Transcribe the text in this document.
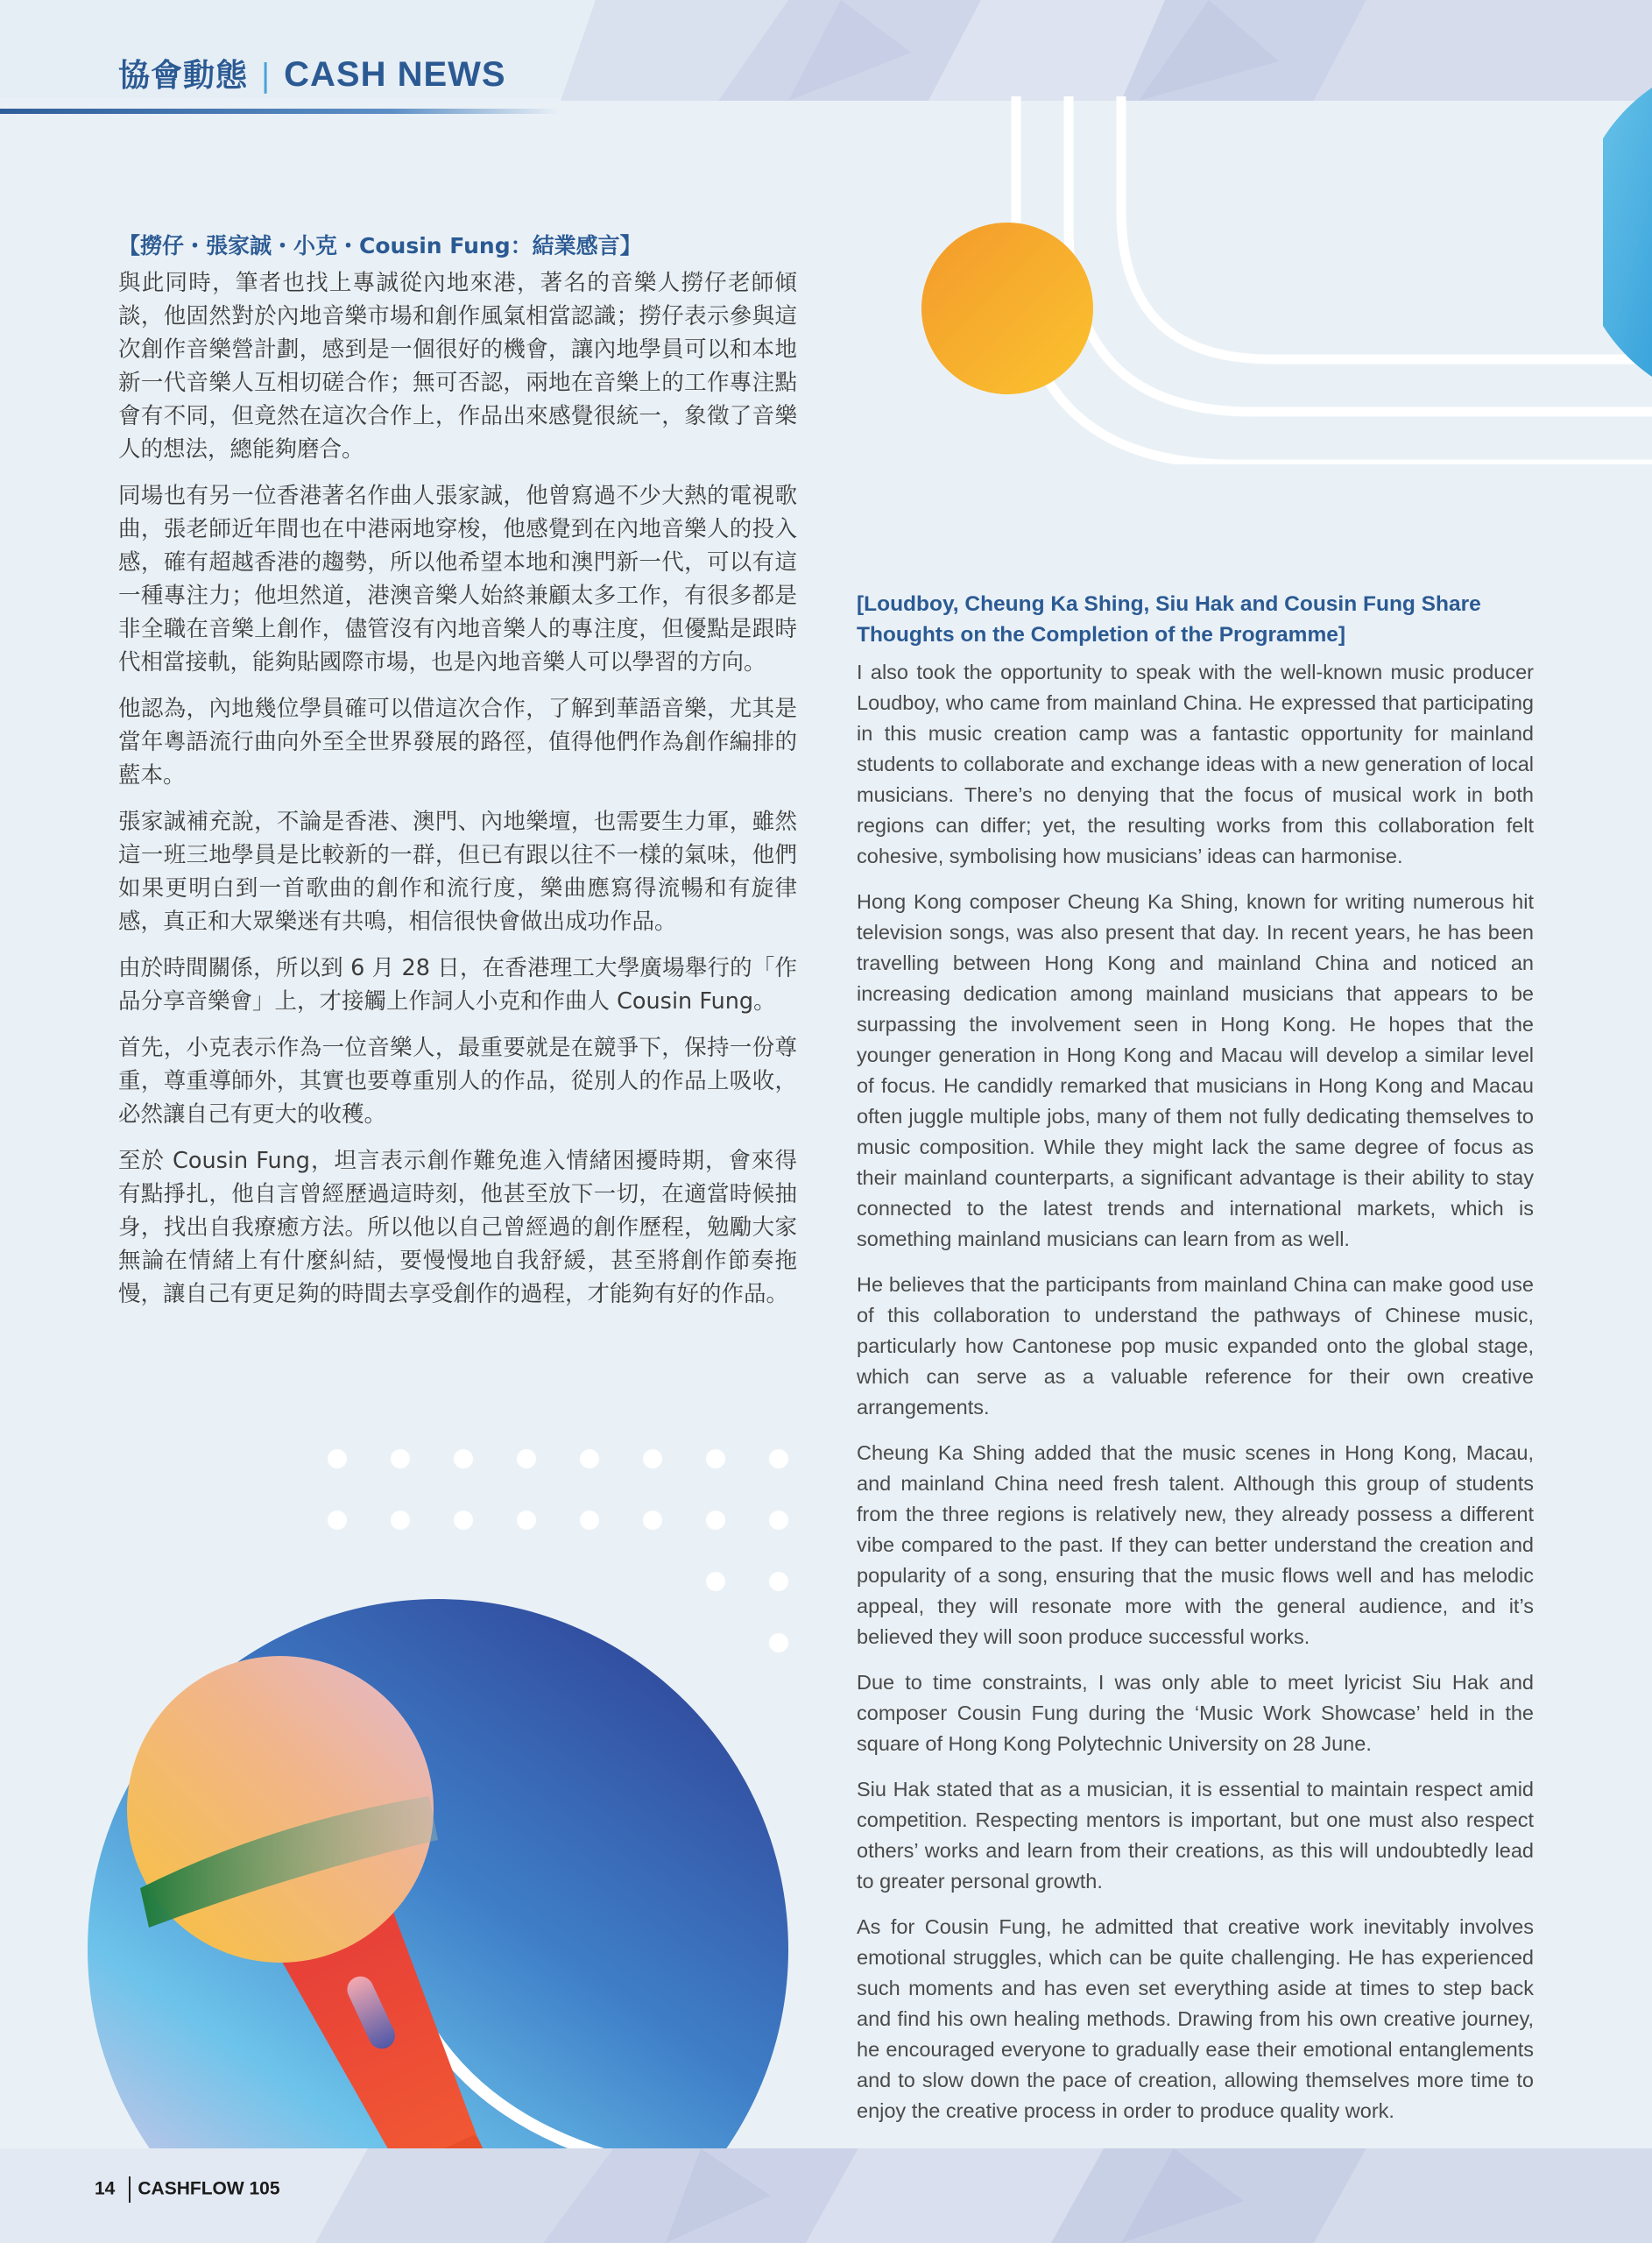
協會動態 | CASH NEWS
【撈仔・張家誠・小克・Cousin Fung：結業感言】

與此同時，筆者也找上專誠從內地來港，著名的音樂人撈仔老師傾談，他固然對於內地音樂市場和創作風氣相當認識；撈仔表示參與這次創作音樂營計劃，感到是一個很好的機會，讓內地學員可以和本地新一代音樂人互相切磋合作；無可否認，兩地在音樂上的工作專注點會有不同，但竟然在這次合作上，作品出來感覺很統一，象徵了音樂人的想法，總能夠磨合。

同場也有另一位香港著名作曲人張家誠，他曾寫過不少大熱的電視歌曲，張老師近年間也在中港兩地穿梭，他感覺到在內地音樂人的投入感，確有超越香港的趨勢，所以他希望本地和澳門新一代，可以有這一種專注力；他坦然道，港澳音樂人始終兼顧太多工作，有很多都是非全職在音樂上創作，儘管沒有內地音樂人的專注度，但優點是跟時代相當接軌，能夠貼國際市場，也是內地音樂人可以學習的方向。

他認為，內地幾位學員確可以借這次合作，了解到華語音樂，尤其是當年粵語流行曲向外至全世界發展的路徑，值得他們作為創作編排的藍本。

張家誠補充說，不論是香港、澳門、內地樂壇，也需要生力軍，雖然這一班三地學員是比較新的一群，但已有跟以往不一樣的氣味，他們如果更明白到一首歌曲的創作和流行度，樂曲應寫得流暢和有旋律感，真正和大眾樂迷有共鳴，相信很快會做出成功作品。

由於時間關係，所以到 6 月 28 日，在香港理工大學廣場舉行的「作品分享音樂會」上，才接觸上作詞人小克和作曲人 Cousin Fung。

首先，小克表示作為一位音樂人，最重要就是在競爭下，保持一份尊重，尊重導師外，其實也要尊重別人的作品，從別人的作品上吸收，必然讓自己有更大的收穫。

至於 Cousin Fung，坦言表示創作難免進入情緒困擾時期，會來得有點掙扎，他自言曾經歷過這時刻，他甚至放下一切，在適當時候抽身，找出自我療癒方法。所以他以自己曾經過的創作歷程，勉勵大家無論在情緒上有什麼糾結，要慢慢地自我舒緩，甚至將創作節奏拖慢，讓自己有更足夠的時間去享受創作的過程，才能夠有好的作品。

[Loudboy, Cheung Ka Shing, Siu Hak and Cousin Fung Share Thoughts on the Completion of the Programme]

I also took the opportunity to speak with the well-known music producer Loudboy, who came from mainland China. He expressed that participating in this music creation camp was a fantastic opportunity for mainland students to collaborate and exchange ideas with a new generation of local musicians. There’s no denying that the focus of musical work in both regions can differ; yet, the resulting works from this collaboration felt cohesive, symbolising how musicians’ ideas can harmonise.

Hong Kong composer Cheung Ka Shing, known for writing numerous hit television songs, was also present that day. In recent years, he has been travelling between Hong Kong and mainland China and noticed an increasing dedication among mainland musicians that appears to be surpassing the involvement seen in Hong Kong. He hopes that the younger generation in Hong Kong and Macau will develop a similar level of focus. He candidly remarked that musicians in Hong Kong and Macau often juggle multiple jobs, many of them not fully dedicating themselves to music composition. While they might lack the same degree of focus as their mainland counterparts, a significant advantage is their ability to stay connected to the latest trends and international markets, which is something mainland musicians can learn from as well.

He believes that the participants from mainland China can make good use of this collaboration to understand the pathways of Chinese music, particularly how Cantonese pop music expanded onto the global stage, which can serve as a valuable reference for their own creative arrangements.

Cheung Ka Shing added that the music scenes in Hong Kong, Macau, and mainland China need fresh talent. Although this group of students from the three regions is relatively new, they already possess a different vibe compared to the past. If they can better understand the creation and popularity of a song, ensuring that the music flows well and has melodic appeal, they will resonate more with the general audience, and it’s believed they will soon produce successful works.

Due to time constraints, I was only able to meet lyricist Siu Hak and composer Cousin Fung during the ‘Music Work Showcase’ held in the square of Hong Kong Polytechnic University on 28 June.

Siu Hak stated that as a musician, it is essential to maintain respect amid competition. Respecting mentors is important, but one must also respect others’ works and learn from their creations, as this will undoubtedly lead to greater personal growth.

As for Cousin Fung, he admitted that creative work inevitably involves emotional struggles, which can be quite challenging. He has experienced such moments and has even set everything aside at times to step back and find his own healing methods. Drawing from his own creative journey, he encouraged everyone to gradually ease their emotional entanglements and to slow down the pace of creation, allowing themselves more time to enjoy the creative process in order to produce quality work.

14 CASHFLOW 105
